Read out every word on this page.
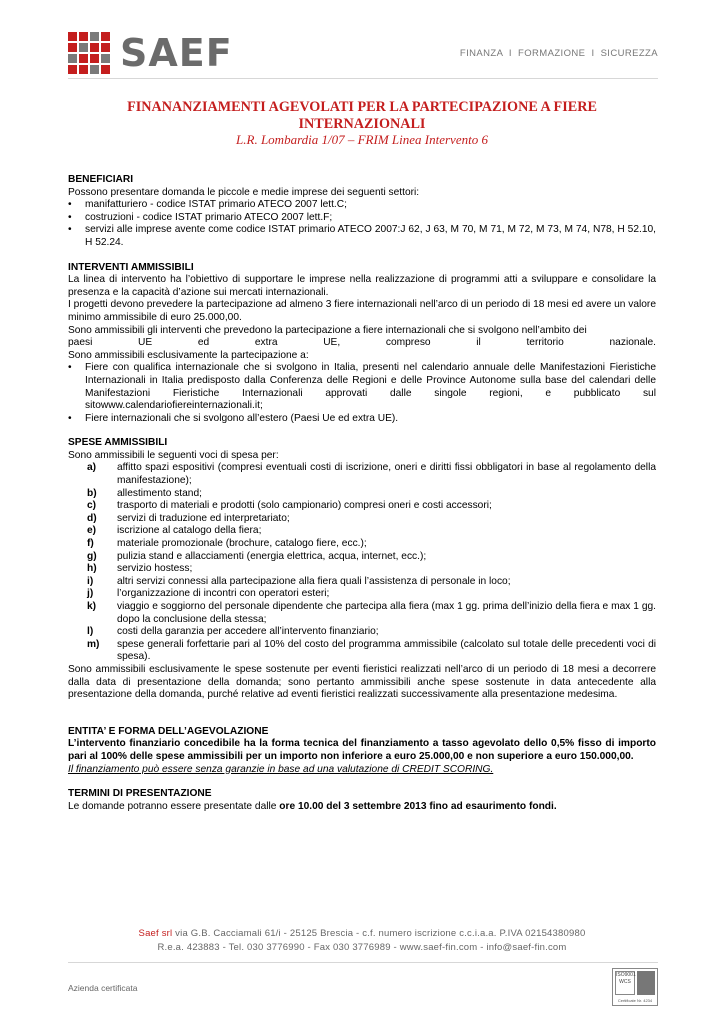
SAEF	FINANZA  I  FORMAZIONE  I  SICUREZZA
FINANANZIAMENTI AGEVOLATI PER LA PARTECIPAZIONE A FIERE
INTERNAZIONALI
L.R. Lombardia 1/07 – FRIM Linea Intervento 6
BENEFICIARI
Possono presentare domanda le piccole e medie imprese dei seguenti settori:
•	manifatturiero - codice ISTAT primario ATECO 2007 lett.C;
•	costruzioni - codice ISTAT primario ATECO 2007 lett.F;
•	servizi alle imprese avente come codice ISTAT primario ATECO 2007:J 62, J 63, M 70, M 71, M 72, M 73, M 74, N78, H 52.10, H 52.24.
INTERVENTI AMMISSIBILI
La linea di intervento ha l’obiettivo di supportare le imprese nella realizzazione di programmi atti a sviluppare e consolidare la presenza e la capacità d’azione sui mercati internazionali.
I progetti devono prevedere la partecipazione ad almeno 3 fiere internazionali nell’arco di un periodo di 18 mesi ed avere un valore minimo ammissibile di euro 25.000,00.
Sono ammissibili gli interventi che prevedono la partecipazione a fiere internazionali che si svolgono nell’ambito dei
paesi	UE	ed	extra	UE,	compreso	il	territorio	nazionale.
Sono ammissibili esclusivamente la partecipazione a:
•	Fiere con qualifica internazionale che si svolgono in Italia, presenti nel calendario annuale delle Manifestazioni Fieristiche Internazionali in Italia predisposto dalla Conferenza delle Regioni e delle Province Autonome sulla base del calendari delle Manifestazioni Fieristiche Internazionali approvati dalle singole regioni, e pubblicato sul sitowww.calendariofiereinternazionali.it;
•	Fiere internazionali che si svolgono all’estero (Paesi Ue ed extra UE).
SPESE AMMISSIBILI
Sono ammissibili le seguenti voci di spesa per:
a)	affitto spazi espositivi (compresi eventuali costi di iscrizione, oneri e diritti fissi obbligatori in base al regolamento della manifestazione);
b)	allestimento stand;
c)	trasporto di materiali e prodotti (solo campionario) compresi oneri e costi accessori;
d)	servizi di traduzione ed interpretariato;
e)	iscrizione al catalogo della fiera;
f)	materiale promozionale (brochure, catalogo fiere, ecc.);
g)	pulizia stand e allacciamenti (energia elettrica, acqua, internet, ecc.);
h)	servizio hostess;
i)	altri servizi connessi alla partecipazione alla fiera quali l’assistenza di personale in loco;
j)	l’organizzazione di incontri con operatori esteri;
k)	viaggio e soggiorno del personale dipendente che partecipa alla fiera (max 1 gg. prima dell’inizio della fiera e max 1 gg. dopo la conclusione della stessa;
l)	costi della garanzia per accedere all’intervento finanziario;
m)	spese generali forfettarie pari al 10% del costo del programma ammissibile (calcolato sul totale delle precedenti voci di spesa).
Sono ammissibili esclusivamente le spese sostenute per eventi fieristici realizzati nell’arco di un periodo di 18 mesi a decorrere dalla data di presentazione della domanda; sono pertanto ammissibili anche spese sostenute in data antecedente alla presentazione della domanda, purché relative ad eventi fieristici realizzati successivamente alla presentazione medesima.
ENTITA’ E FORMA DELL’AGEVOLAZIONE
L’intervento finanziario concedibile ha la forma tecnica del finanziamento a tasso agevolato dello 0,5% fisso di importo pari al 100% delle spese ammissibili per un importo non inferiore a euro 25.000,00 e non superiore a euro 150.000,00.
Il finanziamento può essere senza garanzie in base ad una valutazione di CREDIT SCORING.
TERMINI DI PRESENTAZIONE
Le domande potranno essere presentate dalle ore 10.00 del 3 settembre 2013 fino ad esaurimento fondi.
Saef srl via G.B. Cacciamali 61/i - 25125 Brescia - c.f. numero iscrizione c.c.i.a.a. P.IVA 02154380980
R.e.a. 423883 - Tel. 030 3776990 - Fax 030 3776989 - www.saef-fin.com - info@saef-fin.com
Azienda certificata
ISO9001
WCS
Certificate Nr. 4234
